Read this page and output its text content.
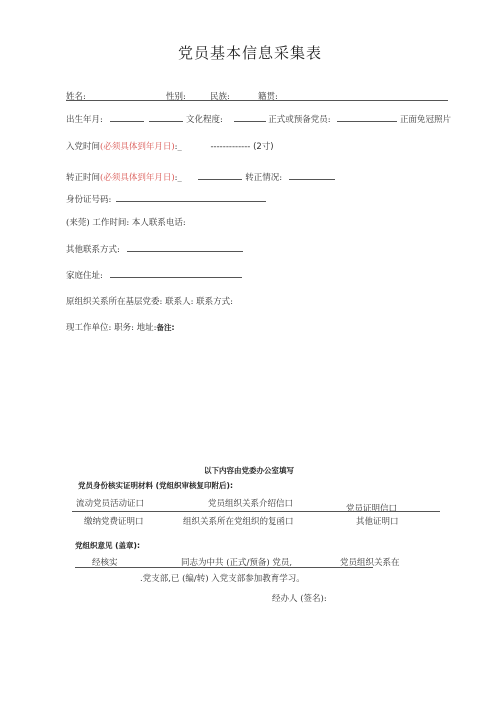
党员基本信息采集表
姓名:	性别:	民族:	籍贯:
出生年月:	文化程度:	正式或预备党员:	正面免冠照片
入党时间(必须具体到年月日):_	------------- (2寸)
转正时间(必须具体到年月日):_	转正情况:
身份证号码:
(来莞) 工作时间: 本人联系电话:
其他联系方式:
家庭住址:
原组织关系所在基层党委: 联系人: 联系方式:
现工作单位: 职务: 地址:备注:
以下内容由党委办公室填写
党员身份核实证明材料 (党组织审核复印附后):
流动党员活动证口	党员组织关系介绍信口	党员证明信口
缴纳党费证明口	组织关系所在党组织的复函口	其他证明口
党组织意见 (盖章):
经核实	同志为中共 (正式/预备) 党员,	党员组织关系在
.党支部,已 (编/转) 入党支部参加教育学习。
经办人 (签名):
